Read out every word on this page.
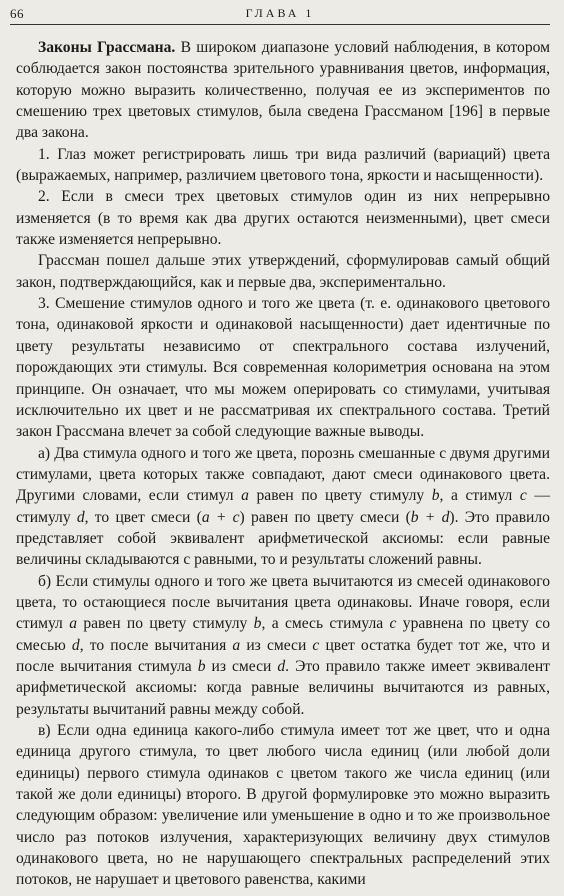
66	ГЛАВА 1

Законы Грассмана. В широком диапазоне условий наблюдения, в котором соблюдается закон постоянства зрительного уравнивания цветов, информация, которую можно выразить количественно, получая ее из экспериментов по смешению трех цветовых стимулов, была сведена Грассманом [196] в первые два закона.

1. Глаз может регистрировать лишь три вида различий (вариаций) цвета (выражаемых, например, различием цветового тона, яркости и насыщенности).

2. Если в смеси трех цветовых стимулов один из них непрерывно изменяется (в то время как два других остаются неизменными), цвет смеси также изменяется непрерывно.

Грассман пошел дальше этих утверждений, сформулировав самый общий закон, подтверждающийся, как и первые два, экспериментально.

3. Смешение стимулов одного и того же цвета (т. е. одинакового цветового тона, одинаковой яркости и одинаковой насыщенности) дает идентичные по цвету результаты независимо от спектрального состава излучений, порождающих эти стимулы. Вся современная колориметрия основана на этом принципе. Он означает, что мы можем оперировать со стимулами, учитывая исключительно их цвет и не рассматривая их спектрального состава. Третий закон Грассмана влечет за собой следующие важные выводы.

а) Два стимула одного и того же цвета, порознь смешанные с двумя другими стимулами, цвета которых также совпадают, дают смеси одинакового цвета. Другими словами, если стимул a равен по цвету стимулу b, а стимул c — стимулу d, то цвет смеси (a + c) равен по цвету смеси (b + d). Это правило представляет собой эквивалент арифметической аксиомы: если равные величины складываются с равными, то и результаты сложений равны.

б) Если стимулы одного и того же цвета вычитаются из смесей одинакового цвета, то остающиеся после вычитания цвета одинаковы. Иначе говоря, если стимул a равен по цвету стимулу b, а смесь стимула c уравнена по цвету со смесью d, то после вычитания a из смеси c цвет остатка будет тот же, что и после вычитания стимула b из смеси d. Это правило также имеет эквивалент арифметической аксиомы: когда равные величины вычитаются из равных, результаты вычитаний равны между собой.

в) Если одна единица какого-либо стимула имеет тот же цвет, что и одна единица другого стимула, то цвет любого числа единиц (или любой доли единицы) первого стимула одинаков с цветом такого же числа единиц (или такой же доли единицы) второго. В другой формулировке это можно выразить следующим образом: увеличение или уменьшение в одно и то же произвольное число раз потоков излучения, характеризующих величину двух стимулов одинакового цвета, но не нарушающего спектральных распределений этих потоков, не нарушает и цветового равенства, какими
